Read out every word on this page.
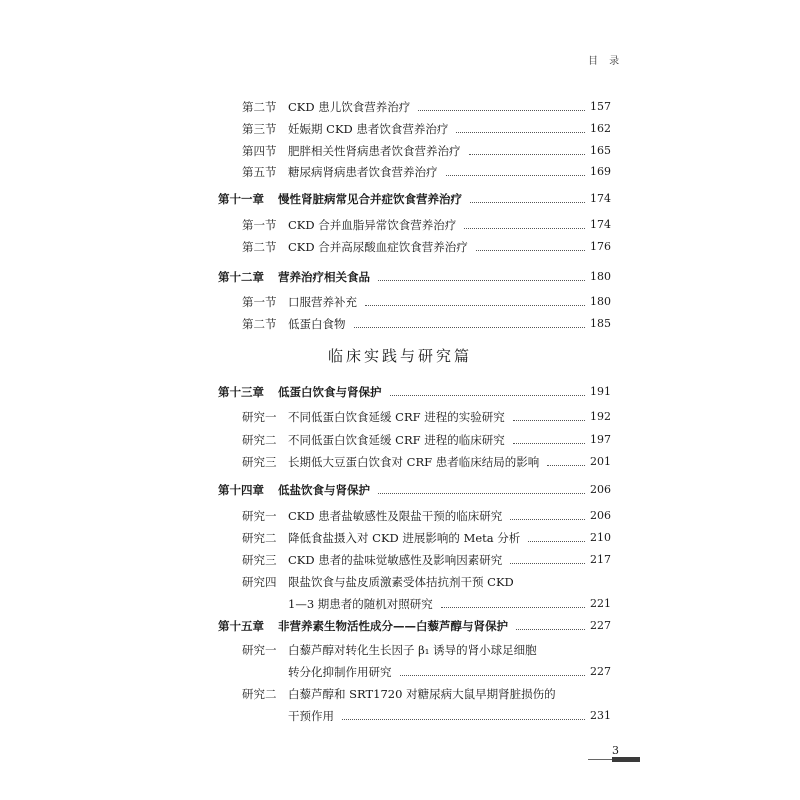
目 录
第二节 CKD 患儿饮食营养治疗	157
第三节 妊娠期 CKD 患者饮食营养治疗	162
第四节 肥胖相关性肾病患者饮食营养治疗	165
第五节 糖尿病肾病患者饮食营养治疗	169
第十一章 慢性肾脏病常见合并症饮食营养治疗	174
第一节 CKD 合并血脂异常饮食营养治疗	174
第二节 CKD 合并高尿酸血症饮食营养治疗	176
第十二章 营养治疗相关食品	180
第一节 口服营养补充	180
第二节 低蛋白食物	185
第十三章 低蛋白饮食与肾保护	191
研究一 不同低蛋白饮食延缓 CRF 进程的实验研究	192
研究二 不同低蛋白饮食延缓 CRF 进程的临床研究	197
研究三 长期低大豆蛋白饮食对 CRF 患者临床结局的影响	201
第十四章 低盐饮食与肾保护	206
研究一 CKD 患者盐敏感性及限盐干预的临床研究	206
研究二 降低食盐摄入对 CKD 进展影响的 Meta 分析	210
研究三 CKD 患者的盐味觉敏感性及影响因素研究	217
研究四 限盐饮食与盐皮质激素受体拮抗剂干预 CKD
1—3 期患者的随机对照研究	221
第十五章 非营养素生物活性成分——白藜芦醇与肾保护	227
研究一 白藜芦醇对转化生长因子 β₁ 诱导的肾小球足细胞
转分化抑制作用研究	227
研究二 白藜芦醇和 SRT1720 对糖尿病大鼠早期肾脏损伤的
干预作用	231
临床实践与研究篇
3
